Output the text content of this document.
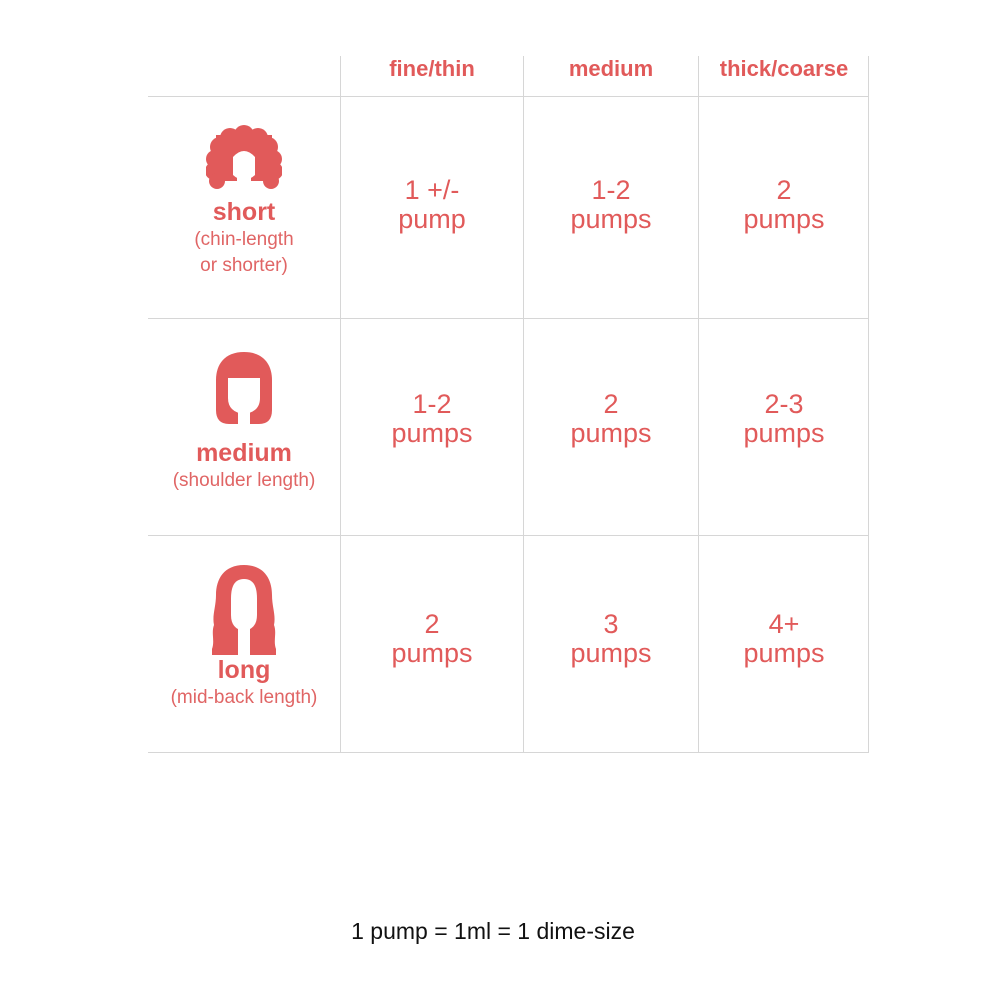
fine/thin	medium	thick/coarse
short
(chin-length
or shorter)
1 +/-
pump
1-2
pumps
2
pumps
medium
(shoulder length)
1-2
pumps
2
pumps
2-3
pumps
long
(mid-back length)
2
pumps
3
pumps
4+
pumps
1 pump = 1ml = 1 dime-size
